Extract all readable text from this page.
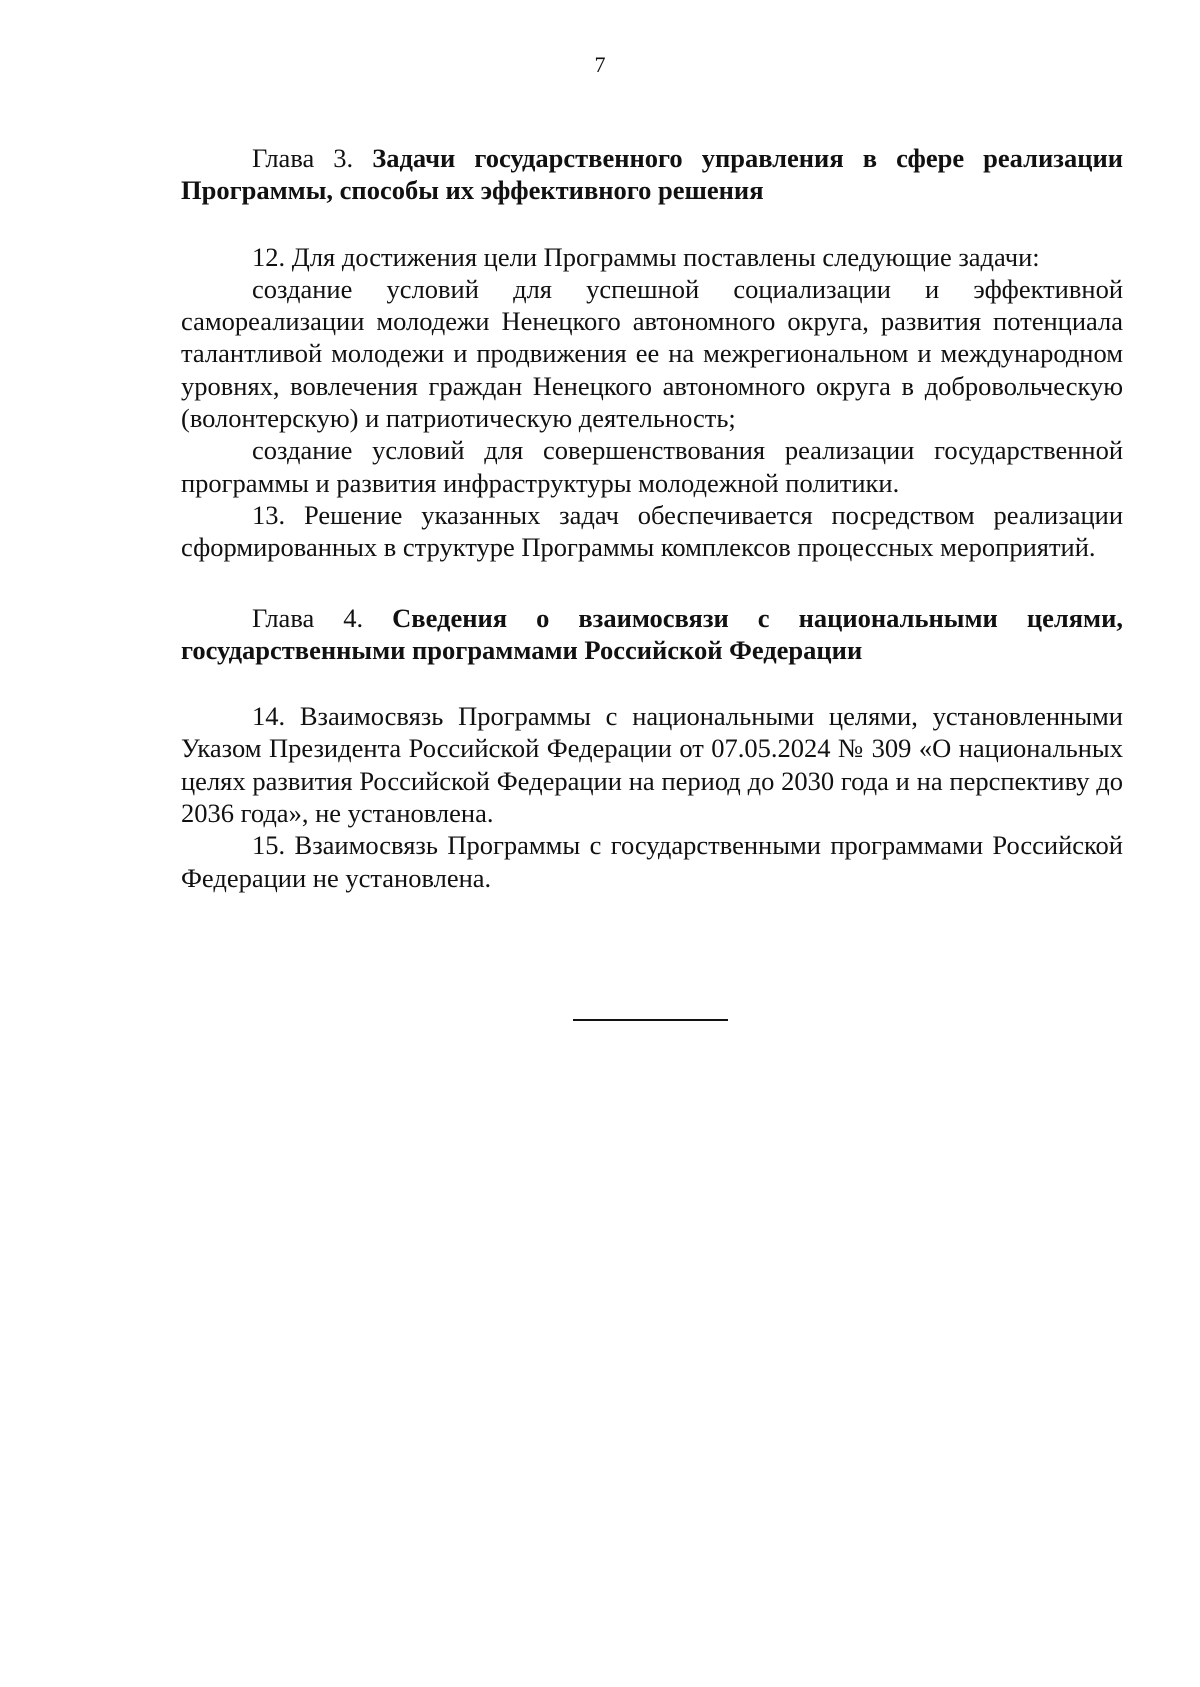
7

Глава 3. Задачи государственного управления в сфере реализации Программы, способы их эффективного решения

12. Для достижения цели Программы поставлены следующие задачи:

создание условий для успешной социализации и эффективной самореализации молодежи Ненецкого автономного округа, развития потенциала талантливой молодежи и продвижения ее на межрегиональном и международном уровнях, вовлечения граждан Ненецкого автономного округа в добровольческую (волонтерскую) и патриотическую деятельность;

создание условий для совершенствования реализации государственной программы и развития инфраструктуры молодежной политики.

13. Решение указанных задач обеспечивается посредством реализации сформированных в структуре Программы комплексов процессных мероприятий.

Глава 4. Сведения о взаимосвязи с национальными целями, государственными программами Российской Федерации

14. Взаимосвязь Программы с национальными целями, установленными Указом Президента Российской Федерации от 07.05.2024 № 309 «О национальных целях развития Российской Федерации на период до 2030 года и на перспективу до 2036 года», не установлена.

15. Взаимосвязь Программы с государственными программами Российской Федерации не установлена.
